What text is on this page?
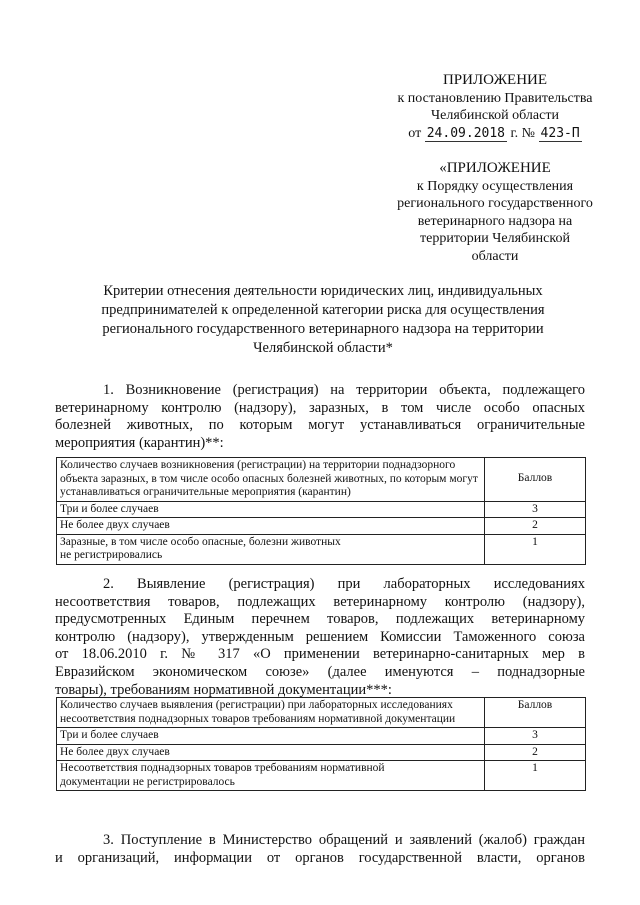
ПРИЛОЖЕНИЕ
к постановлению Правительства
Челябинской области
от 24.09.2018 г. № 423-П
«ПРИЛОЖЕНИЕ
к Порядку осуществления
регионального государственного
ветеринарного надзора на
территории Челябинской
области
Критерии отнесения деятельности юридических лиц, индивидуальных
предпринимателей к определенной категории риска для осуществления
регионального государственного ветеринарного надзора на территории
Челябинской области*
1. Возникновение (регистрация) на территории объекта, подлежащего
ветеринарному контролю (надзору), заразных, в том числе особо опасных
болезней животных, по которым могут устанавливаться ограничительные
мероприятия (карантин)**:
Количество случаев возникновения (регистрации) на территории поднадзорного объекта заразных, в том числе особо опасных болезней животных, по которым могут устанавливаться ограничительные мероприятия (карантин)	Баллов
Три и более случаев	3
Не более двух случаев	2
Заразные, в том числе особо опасные, болезни животных не регистрировались	1
2. Выявление (регистрация) при лабораторных исследованиях
несоответствия товаров, подлежащих ветеринарному контролю (надзору),
предусмотренных Единым перечнем товаров, подлежащих ветеринарному
контролю (надзору), утвержденным решением Комиссии Таможенного союза
от 18.06.2010 г. № 317 «О применении ветеринарно-санитарных мер в
Евразийском экономическом союзе» (далее именуются – поднадзорные
товары), требованиям нормативной документации***:
Количество случаев выявления (регистрации) при лабораторных исследованиях несоответствия поднадзорных товаров требованиям нормативной документации	Баллов
Три и более случаев	3
Не более двух случаев	2
Несоответствия поднадзорных товаров требованиям нормативной документации не регистрировалось	1
3. Поступление в Министерство обращений и заявлений (жалоб) граждан
и организаций, информации от органов государственной власти, органов
